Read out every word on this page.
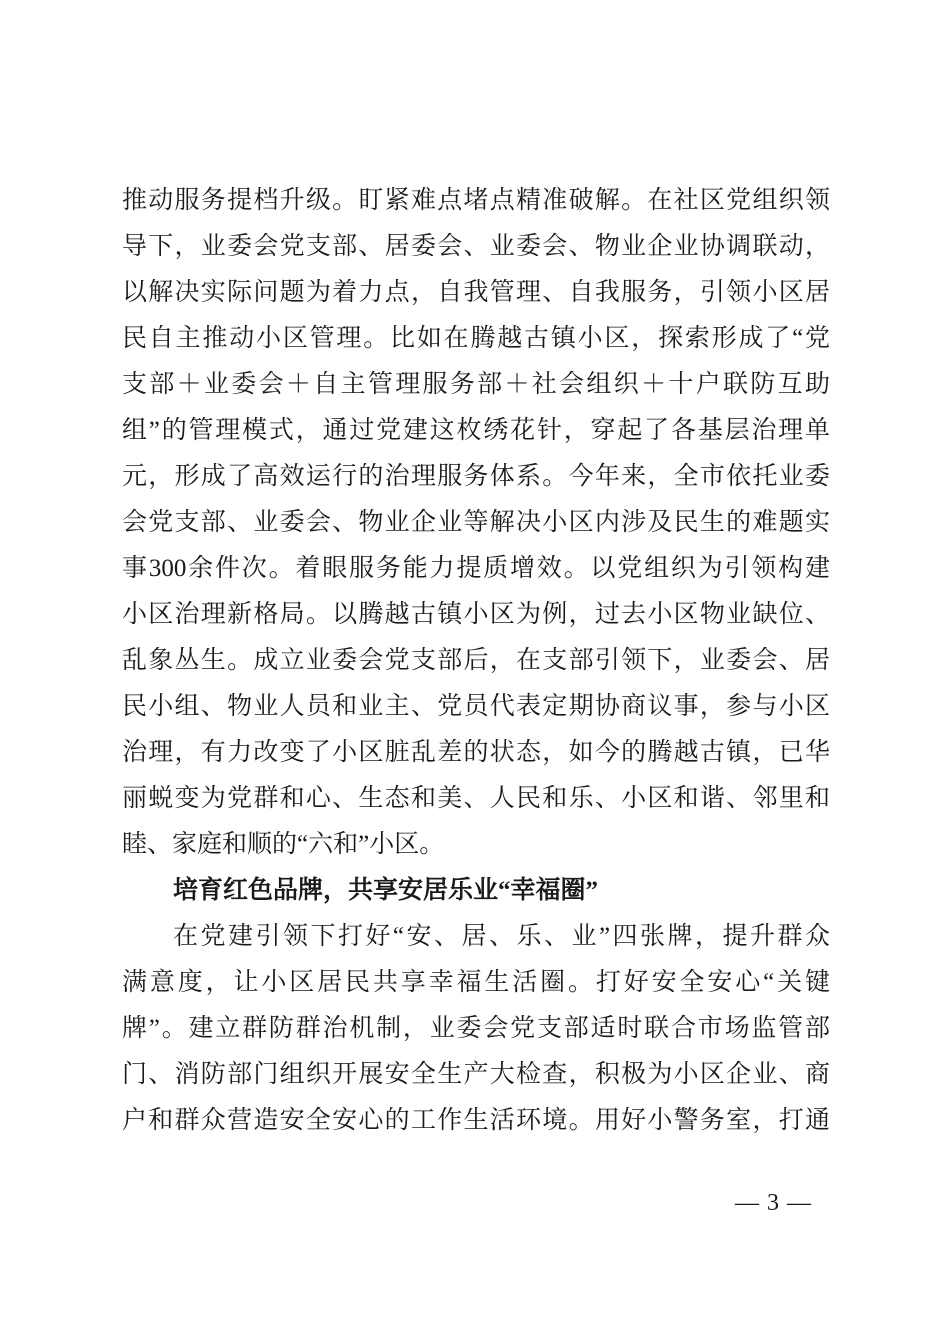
推动服务提档升级。盯紧难点堵点精准破解。在社区党组织领
导下，业委会党支部、居委会、业委会、物业企业协调联动，
以解决实际问题为着力点，自我管理、自我服务，引领小区居
民自主推动小区管理。比如在腾越古镇小区，探索形成了“党
支部＋业委会＋自主管理服务部＋社会组织＋十户联防互助
组”的管理模式，通过党建这枚绣花针，穿起了各基层治理单
元，形成了高效运行的治理服务体系。今年来，全市依托业委
会党支部、业委会、物业企业等解决小区内涉及民生的难题实
事300余件次。着眼服务能力提质增效。以党组织为引领构建
小区治理新格局。以腾越古镇小区为例，过去小区物业缺位、
乱象丛生。成立业委会党支部后，在支部引领下，业委会、居
民小组、物业人员和业主、党员代表定期协商议事，参与小区
治理，有力改变了小区脏乱差的状态，如今的腾越古镇，已华
丽蜕变为党群和心、生态和美、人民和乐、小区和谐、邻里和
睦、家庭和顺的“六和”小区。
培育红色品牌，共享安居乐业“幸福圈”
在党建引领下打好“安、居、乐、业”四张牌，提升群众
满意度，让小区居民共享幸福生活圈。打好安全安心“关键
牌”。建立群防群治机制，业委会党支部适时联合市场监管部
门、消防部门组织开展安全生产大检查，积极为小区企业、商
户和群众营造安全安心的工作生活环境。用好小警务室，打通
— 3 —
